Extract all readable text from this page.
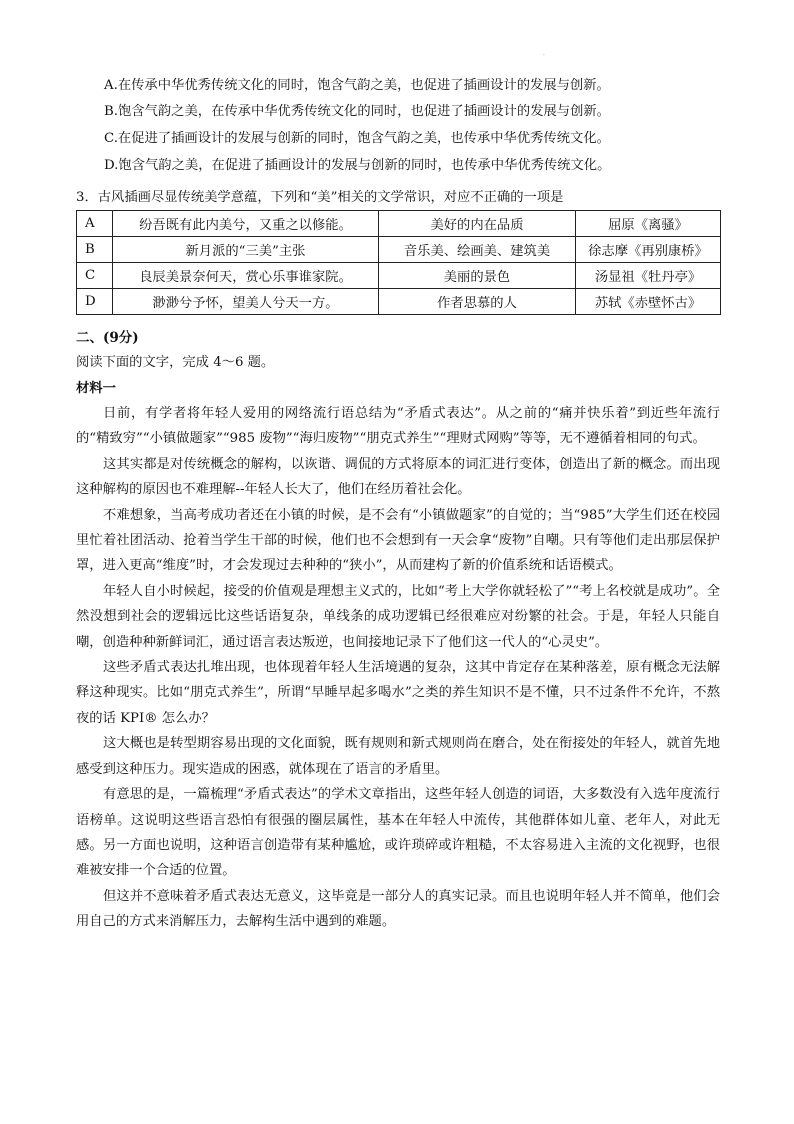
·
A.在传承中华优秀传统文化的同时，饱含气韵之美，也促进了插画设计的发展与创新。
B.饱含气韵之美，在传承中华优秀传统文化的同时，也促进了插画设计的发展与创新。
C.在促进了插画设计的发展与创新的同时，饱含气韵之美，也传承中华优秀传统文化。
D.饱含气韵之美，在促进了插画设计的发展与创新的同时，也传承中华优秀传统文化。
3．古风插画尽显传统美学意蕴，下列和“美”相关的文学常识，对应不正确的一项是
A	纷吾既有此内美兮，又重之以修能。	美好的内在品质	屈原《离骚》
B	新月派的“三美”主张	音乐美、绘画美、建筑美	徐志摩《再别康桥》
C	良辰美景奈何天，赏心乐事谁家院。	美丽的景色	汤显祖《牡丹亭》
D	渺渺兮予怀，望美人兮天一方。	作者思慕的人	苏轼《赤壁怀古》
二、(9分)
阅读下面的文字，完成 4～6 题。
材料一

日前，有学者将年轻人爱用的网络流行语总结为“矛盾式表达”。从之前的“痛并快乐着”到近些年流行的“精致穷”“小镇做题家”“985 废物”“海归废物”“朋克式养生”“理财式网购”等等，无不遵循着相同的句式。

这其实都是对传统概念的解构，以诙谐、调侃的方式将原本的词汇进行变体，创造出了新的概念。而出现这种解构的原因也不难理解--年轻人长大了，他们在经历着社会化。

不难想象，当高考成功者还在小镇的时候，是不会有“小镇做题家”的自觉的；当“985”大学生们还在校园里忙着社团活动、抢着当学生干部的时候，他们也不会想到有一天会拿“废物”自嘲。只有等他们走出那层保护罩，进入更高“维度”时，才会发现过去种种的“狭小”，从而建构了新的价值系统和话语模式。

年轻人自小时候起，接受的价值观是理想主义式的，比如“考上大学你就轻松了”“考上名校就是成功”。全然没想到社会的逻辑远比这些话语复杂，单线条的成功逻辑已经很难应对纷繁的社会。于是，年轻人只能自嘲，创造种种新鲜词汇，通过语言表达叛逆，也间接地记录下了他们这一代人的“心灵史”。

这些矛盾式表达扎堆出现，也体现着年轻人生活境遇的复杂，这其中肯定存在某种落差，原有概念无法解释这种现实。比如“朋克式养生”，所谓“早睡早起多喝水”之类的养生知识不是不懂，只不过条件不允许，不熬夜的话 KPI® 怎么办？

这大概也是转型期容易出现的文化面貌，既有规则和新式规则尚在磨合，处在衔接处的年轻人，就首先地感受到这种压力。现实造成的困惑，就体现在了语言的矛盾里。

有意思的是，一篇梳理“矛盾式表达”的学术文章指出，这些年轻人创造的词语，大多数没有入选年度流行语榜单。这说明这些语言恐怕有很强的圈层属性，基本在年轻人中流传，其他群体如儿童、老年人，对此无感。另一方面也说明，这种语言创造带有某种尴尬，或许琐碎或许粗糙，不太容易进入主流的文化视野，也很难被安排一个合适的位置。

但这并不意味着矛盾式表达无意义，这毕竟是一部分人的真实记录。而且也说明年轻人并不简单，他们会用自己的方式来消解压力，去解构生活中遇到的难题。
